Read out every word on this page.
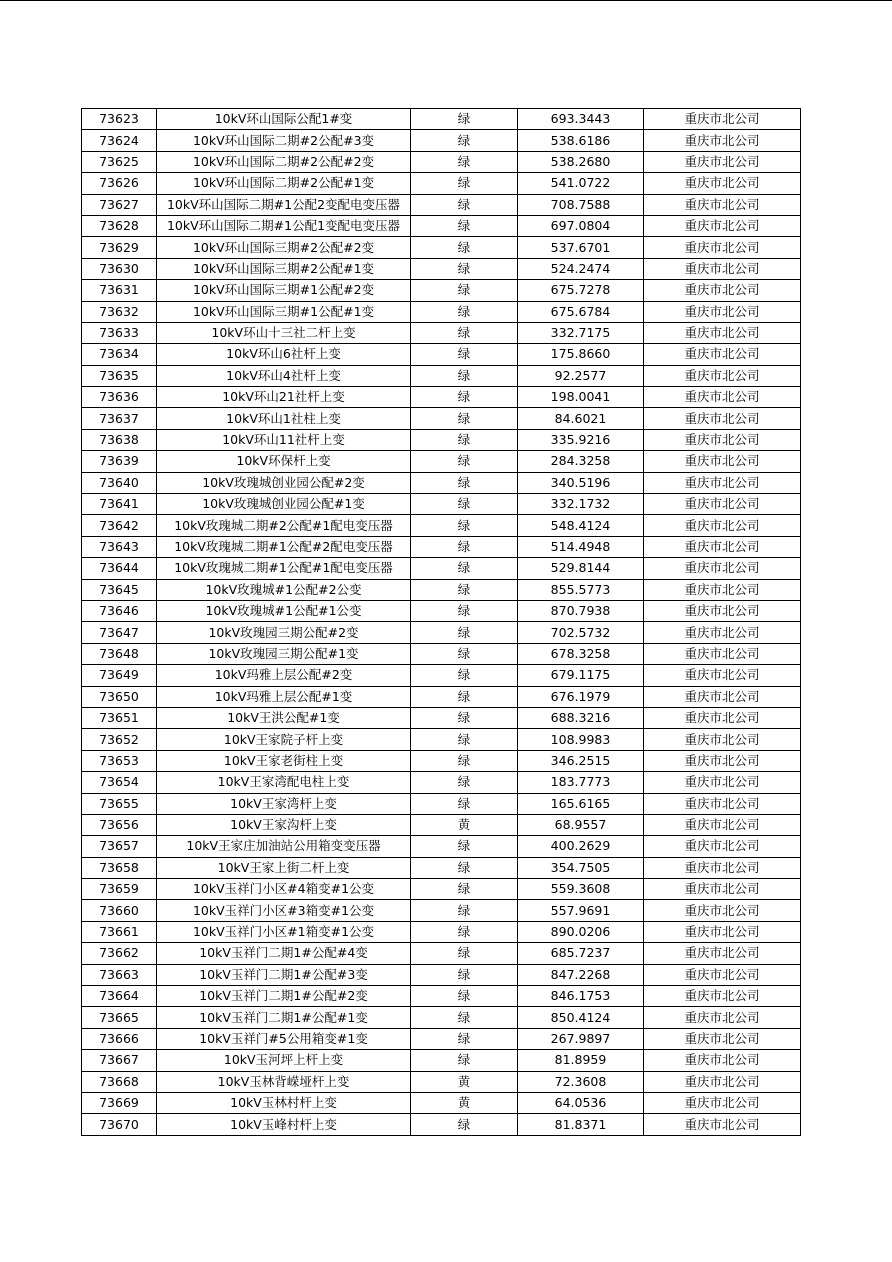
73623	10kV环山国际公配1#变	绿	693.3443	重庆市北公司
73624	10kV环山国际二期#2公配#3变	绿	538.6186	重庆市北公司
73625	10kV环山国际二期#2公配#2变	绿	538.2680	重庆市北公司
73626	10kV环山国际二期#2公配#1变	绿	541.0722	重庆市北公司
73627	10kV环山国际二期#1公配2变配电变压器	绿	708.7588	重庆市北公司
73628	10kV环山国际二期#1公配1变配电变压器	绿	697.0804	重庆市北公司
73629	10kV环山国际三期#2公配#2变	绿	537.6701	重庆市北公司
73630	10kV环山国际三期#2公配#1变	绿	524.2474	重庆市北公司
73631	10kV环山国际三期#1公配#2变	绿	675.7278	重庆市北公司
73632	10kV环山国际三期#1公配#1变	绿	675.6784	重庆市北公司
73633	10kV环山十三社二杆上变	绿	332.7175	重庆市北公司
73634	10kV环山6社杆上变	绿	175.8660	重庆市北公司
73635	10kV环山4社杆上变	绿	92.2577	重庆市北公司
73636	10kV环山21社杆上变	绿	198.0041	重庆市北公司
73637	10kV环山1社柱上变	绿	84.6021	重庆市北公司
73638	10kV环山11社杆上变	绿	335.9216	重庆市北公司
73639	10kV环保杆上变	绿	284.3258	重庆市北公司
73640	10kV玫瑰城创业园公配#2变	绿	340.5196	重庆市北公司
73641	10kV玫瑰城创业园公配#1变	绿	332.1732	重庆市北公司
73642	10kV玫瑰城二期#2公配#1配电变压器	绿	548.4124	重庆市北公司
73643	10kV玫瑰城二期#1公配#2配电变压器	绿	514.4948	重庆市北公司
73644	10kV玫瑰城二期#1公配#1配电变压器	绿	529.8144	重庆市北公司
73645	10kV玫瑰城#1公配#2公变	绿	855.5773	重庆市北公司
73646	10kV玫瑰城#1公配#1公变	绿	870.7938	重庆市北公司
73647	10kV玫瑰园三期公配#2变	绿	702.5732	重庆市北公司
73648	10kV玫瑰园三期公配#1变	绿	678.3258	重庆市北公司
73649	10kV玛雅上层公配#2变	绿	679.1175	重庆市北公司
73650	10kV玛雅上层公配#1变	绿	676.1979	重庆市北公司
73651	10kV王洪公配#1变	绿	688.3216	重庆市北公司
73652	10kV王家院子杆上变	绿	108.9983	重庆市北公司
73653	10kV王家老街柱上变	绿	346.2515	重庆市北公司
73654	10kV王家湾配电柱上变	绿	183.7773	重庆市北公司
73655	10kV王家湾杆上变	绿	165.6165	重庆市北公司
73656	10kV王家沟杆上变	黄	68.9557	重庆市北公司
73657	10kV王家庄加油站公用箱变变压器	绿	400.2629	重庆市北公司
73658	10kV王家上街二杆上变	绿	354.7505	重庆市北公司
73659	10kV玉祥门小区#4箱变#1公变	绿	559.3608	重庆市北公司
73660	10kV玉祥门小区#3箱变#1公变	绿	557.9691	重庆市北公司
73661	10kV玉祥门小区#1箱变#1公变	绿	890.0206	重庆市北公司
73662	10kV玉祥门二期1#公配#4变	绿	685.7237	重庆市北公司
73663	10kV玉祥门二期1#公配#3变	绿	847.2268	重庆市北公司
73664	10kV玉祥门二期1#公配#2变	绿	846.1753	重庆市北公司
73665	10kV玉祥门二期1#公配#1变	绿	850.4124	重庆市北公司
73666	10kV玉祥门#5公用箱变#1变	绿	267.9897	重庆市北公司
73667	10kV玉河坪上杆上变	绿	81.8959	重庆市北公司
73668	10kV玉林背嵘垭杆上变	黄	72.3608	重庆市北公司
73669	10kV玉林村杆上变	黄	64.0536	重庆市北公司
73670	10kV玉峰村杆上变	绿	81.8371	重庆市北公司
